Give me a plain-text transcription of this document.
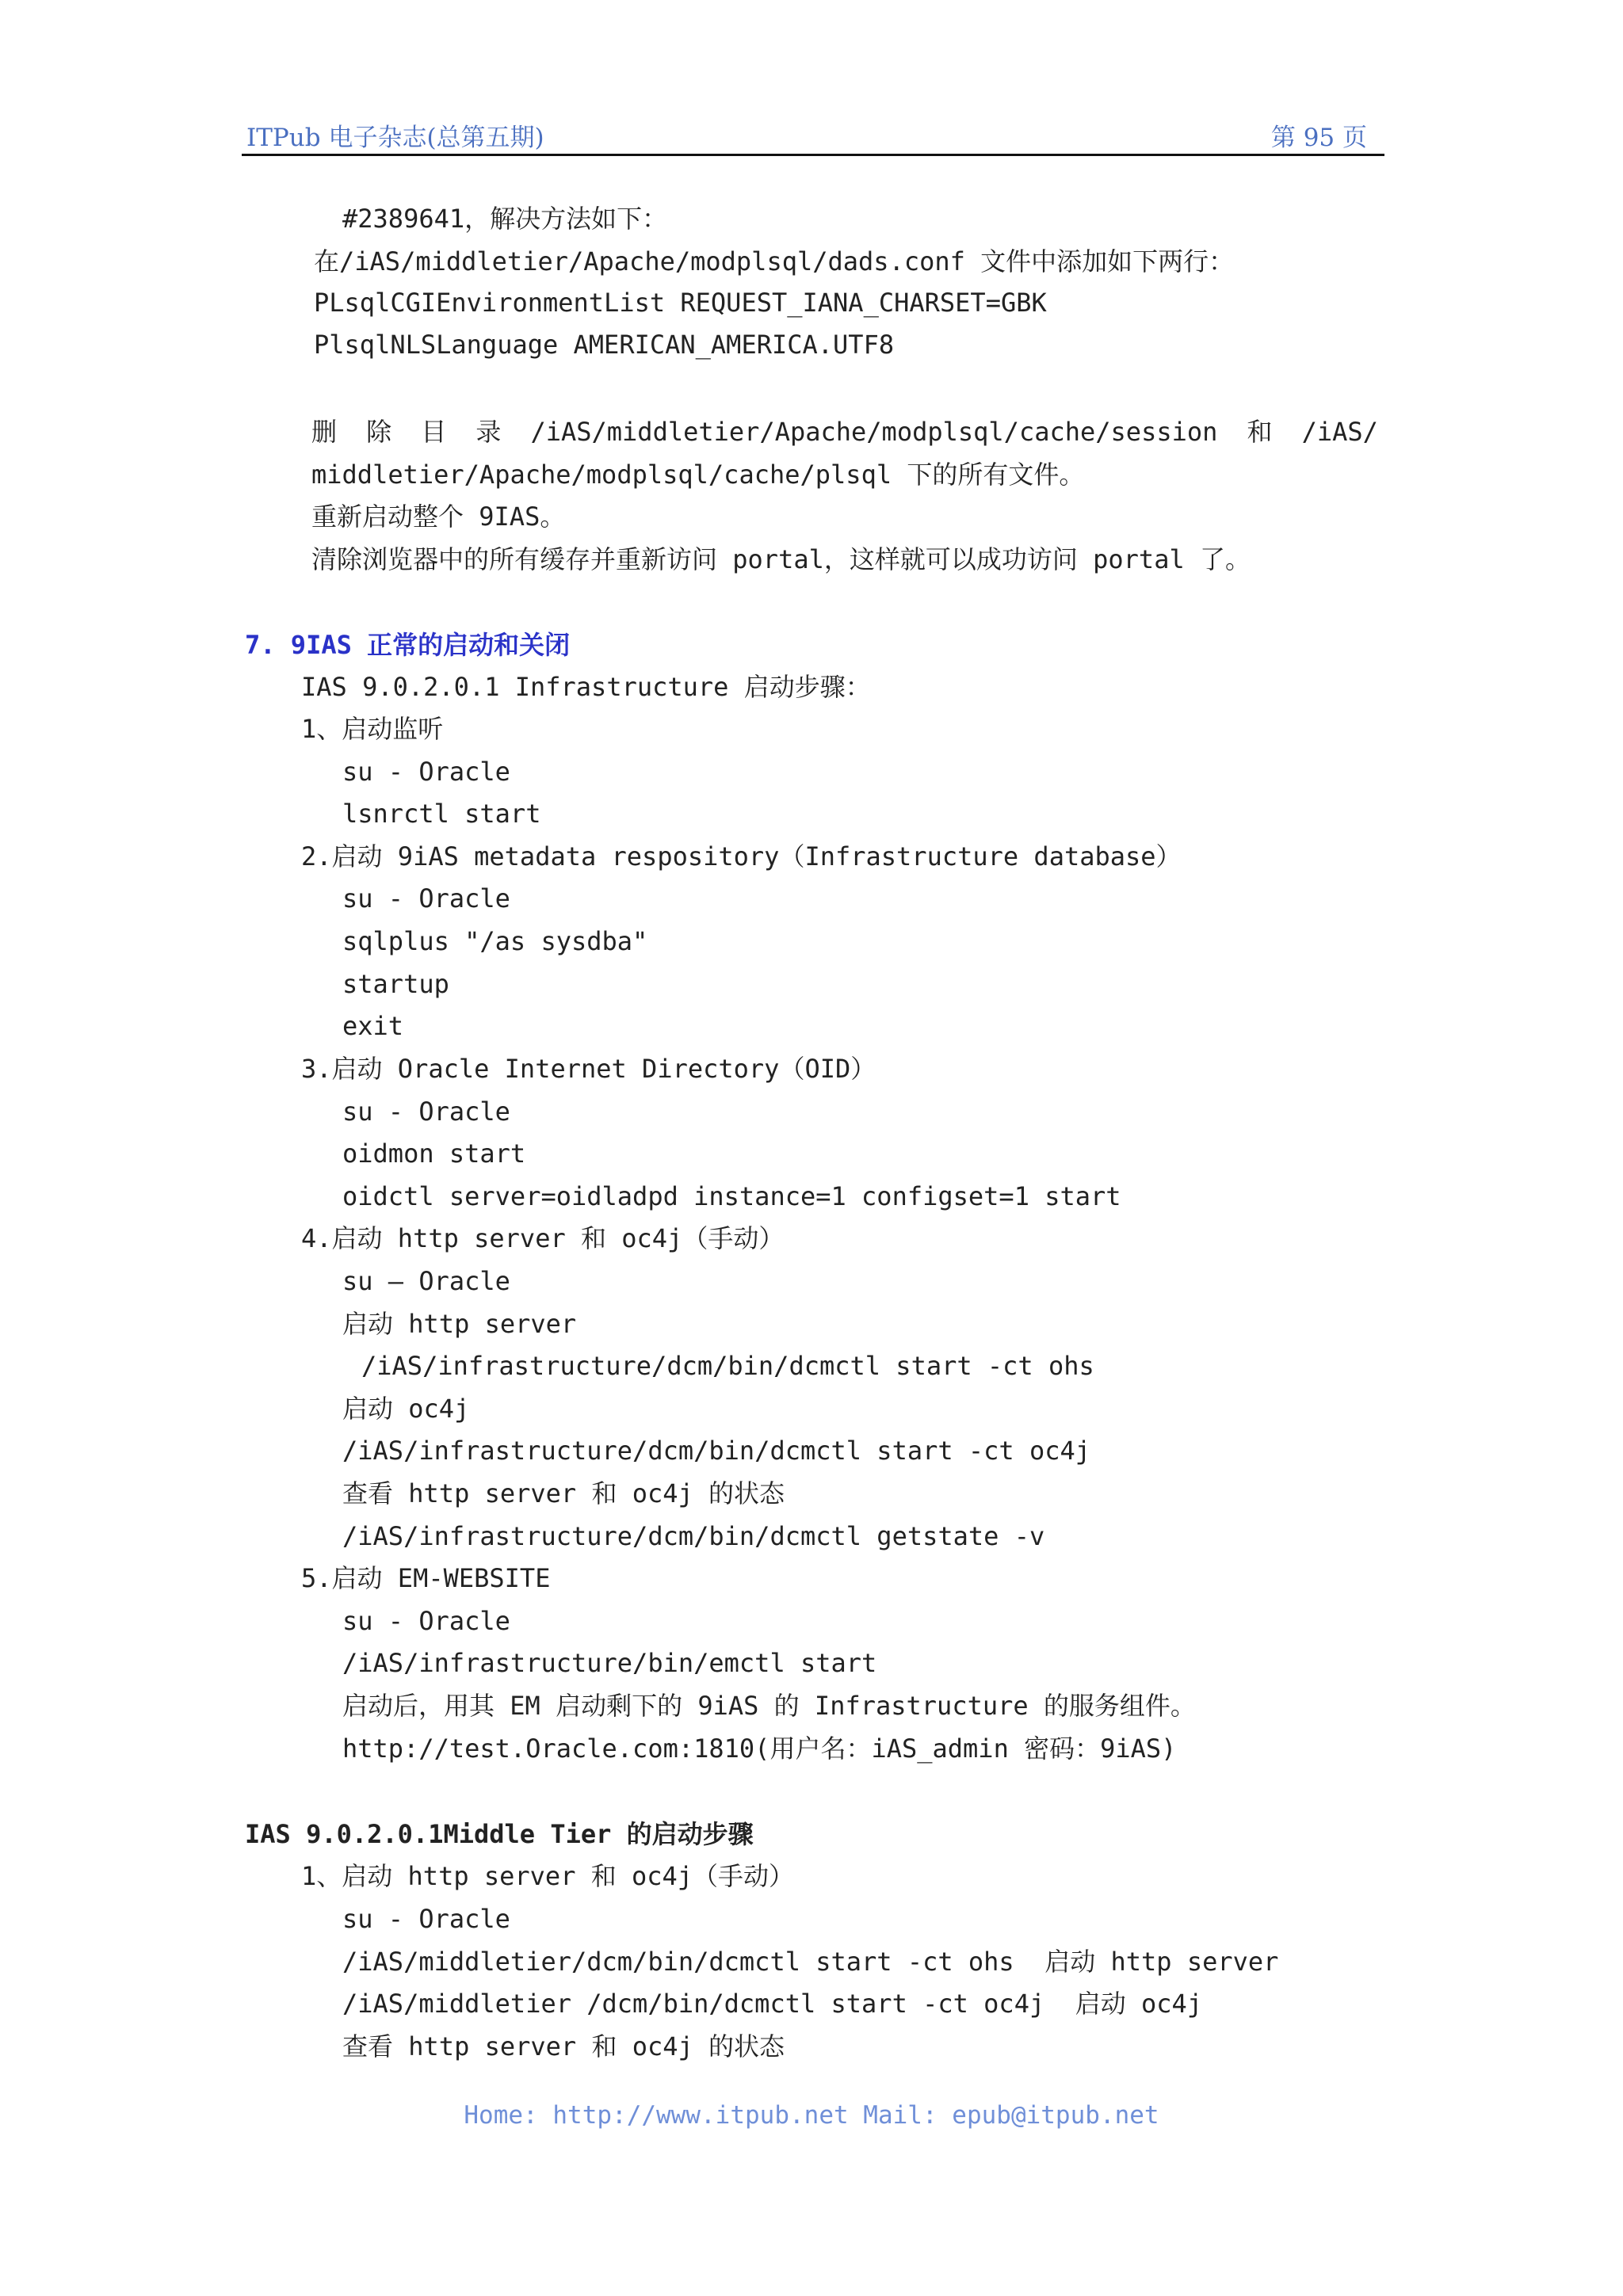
ITPub 电子杂志(总第五期)	第 95 页
#2389641，解决方法如下：
在/iAS/middletier/Apache/modplsql/dads.conf 文件中添加如下两行：
PLsqlCGIEnvironmentList REQUEST_IANA_CHARSET=GBK
PlsqlNLSLanguage AMERICAN_AMERICA.UTF8
删 除 目 录 /iAS/middletier/Apache/modplsql/cache/session 和 /iAS/
middletier/Apache/modplsql/cache/plsql 下的所有文件。
重新启动整个 9IAS。
清除浏览器中的所有缓存并重新访问 portal，这样就可以成功访问 portal 了。
7. 9IAS 正常的启动和关闭
IAS 9.0.2.0.1 Infrastructure 启动步骤：
1、启动监听
su - Oracle
lsnrctl start
2.启动 9iAS metadata respository（Infrastructure database）
su - Oracle
sqlplus "/as sysdba"
startup
exit
3.启动 Oracle Internet Directory（OID）
su - Oracle
oidmon start
oidctl server=oidladpd instance=1 configset=1 start
4.启动 http server 和 oc4j（手动）
su – Oracle
启动 http server
/iAS/infrastructure/dcm/bin/dcmctl start -ct ohs
启动 oc4j
/iAS/infrastructure/dcm/bin/dcmctl start -ct oc4j
查看 http server 和 oc4j 的状态
/iAS/infrastructure/dcm/bin/dcmctl getstate -v
5.启动 EM-WEBSITE
su - Oracle
/iAS/infrastructure/bin/emctl start
启动后，用其 EM 启动剩下的 9iAS 的 Infrastructure 的服务组件。
http://test.Oracle.com:1810(用户名：iAS_admin 密码：9iAS)
IAS 9.0.2.0.1Middle Tier 的启动步骤
1、启动 http server 和 oc4j（手动）
su - Oracle
/iAS/middletier/dcm/bin/dcmctl start -ct ohs  启动 http server
/iAS/middletier /dcm/bin/dcmctl start -ct oc4j  启动 oc4j
查看 http server 和 oc4j 的状态
Home: http://www.itpub.net Mail: epub@itpub.net
